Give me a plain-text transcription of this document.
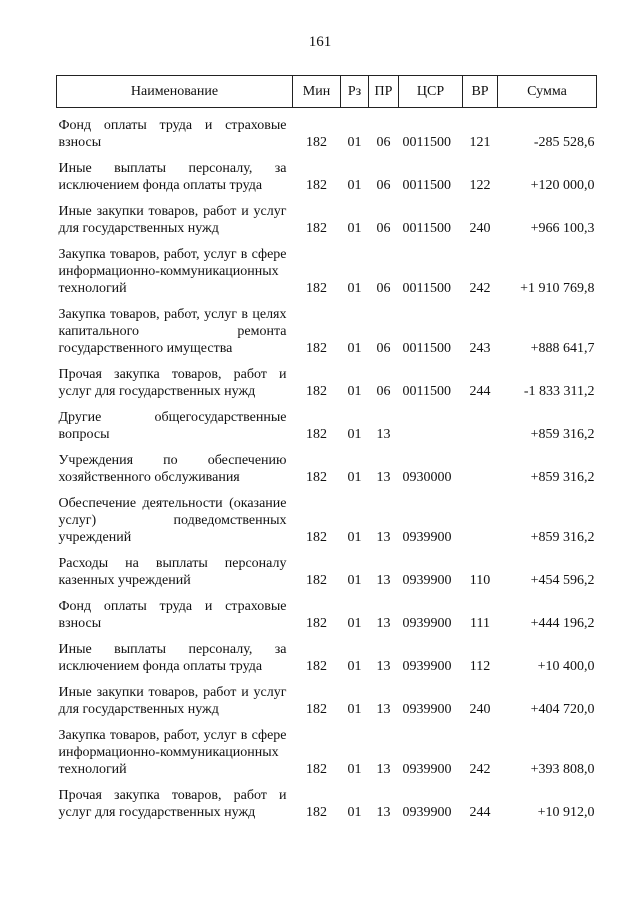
161
Наименование	Мин	Рз	ПР	ЦСР	ВР	Сумма
Фонд оплаты труда и страховые взносы	182	01	06	0011500	121	-285 528,6
Иные выплаты персоналу, за исключением фонда оплаты труда	182	01	06	0011500	122	+120 000,0
Иные закупки товаров, работ и услуг для государственных нужд	182	01	06	0011500	240	+966 100,3
Закупка товаров, работ, услуг в сфере информационно-коммуникационных технологий	182	01	06	0011500	242	+1 910 769,8
Закупка товаров, работ, услуг в целях капитального ремонта государственного имущества	182	01	06	0011500	243	+888 641,7
Прочая закупка товаров, работ и услуг для государственных нужд	182	01	06	0011500	244	-1 833 311,2
Другие общегосударственные вопросы	182	01	13			+859 316,2
Учреждения по обеспечению хозяйственного обслуживания	182	01	13	0930000		+859 316,2
Обеспечение деятельности (оказание услуг) подведомственных учреждений	182	01	13	0939900		+859 316,2
Расходы на выплаты персоналу казенных учреждений	182	01	13	0939900	110	+454 596,2
Фонд оплаты труда и страховые взносы	182	01	13	0939900	111	+444 196,2
Иные выплаты персоналу, за исключением фонда оплаты труда	182	01	13	0939900	112	+10 400,0
Иные закупки товаров, работ и услуг для государственных нужд	182	01	13	0939900	240	+404 720,0
Закупка товаров, работ, услуг в сфере информационно-коммуникационных технологий	182	01	13	0939900	242	+393 808,0
Прочая закупка товаров, работ и услуг для государственных нужд	182	01	13	0939900	244	+10 912,0
